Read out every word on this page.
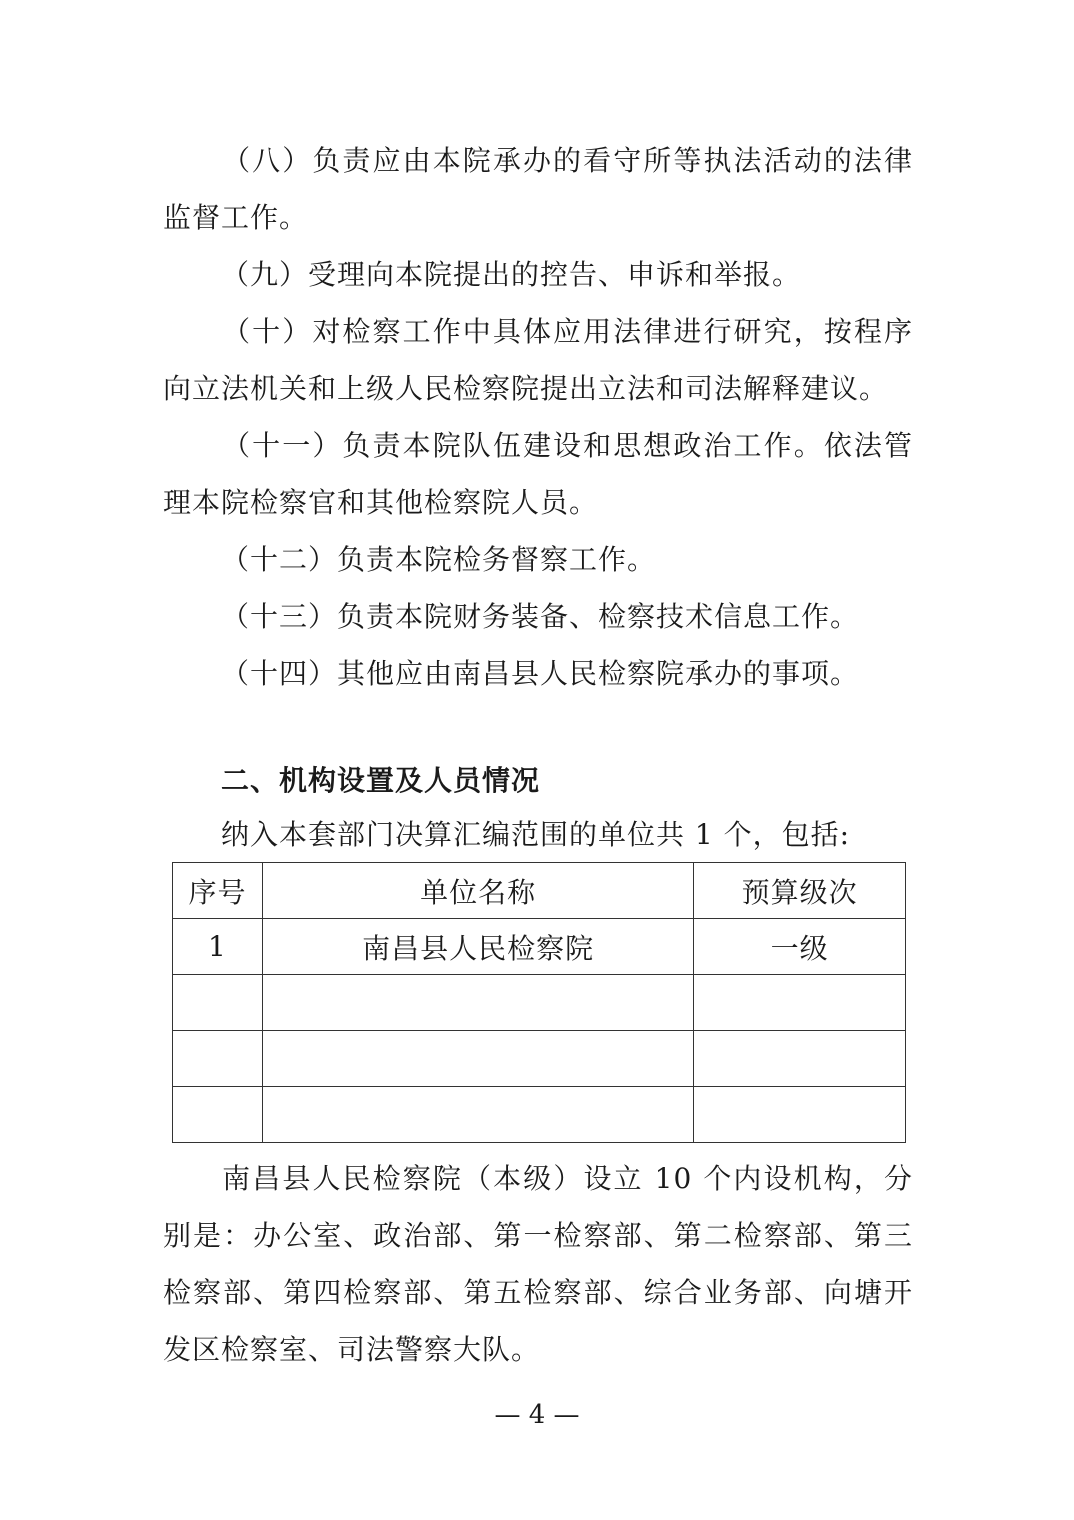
（八）负责应由本院承办的看守所等执法活动的法律监督工作。

（九）受理向本院提出的控告、申诉和举报。

（十）对检察工作中具体应用法律进行研究，按程序向立法机关和上级人民检察院提出立法和司法解释建议。

（十一）负责本院队伍建设和思想政治工作。依法管理本院检察官和其他检察院人员。

（十二）负责本院检务督察工作。

（十三）负责本院财务装备、检察技术信息工作。

（十四）其他应由南昌县人民检察院承办的事项。

二、机构设置及人员情况

纳入本套部门决算汇编范围的单位共 1 个，包括:

序号	单位名称	预算级次
1	南昌县人民检察院	一级

南昌县人民检察院（本级）设立 10 个内设机构，分别是：办公室、政治部、第一检察部、第二检察部、第三检察部、第四检察部、第五检察部、综合业务部、向塘开发区检察室、司法警察大队。

— 4 —
